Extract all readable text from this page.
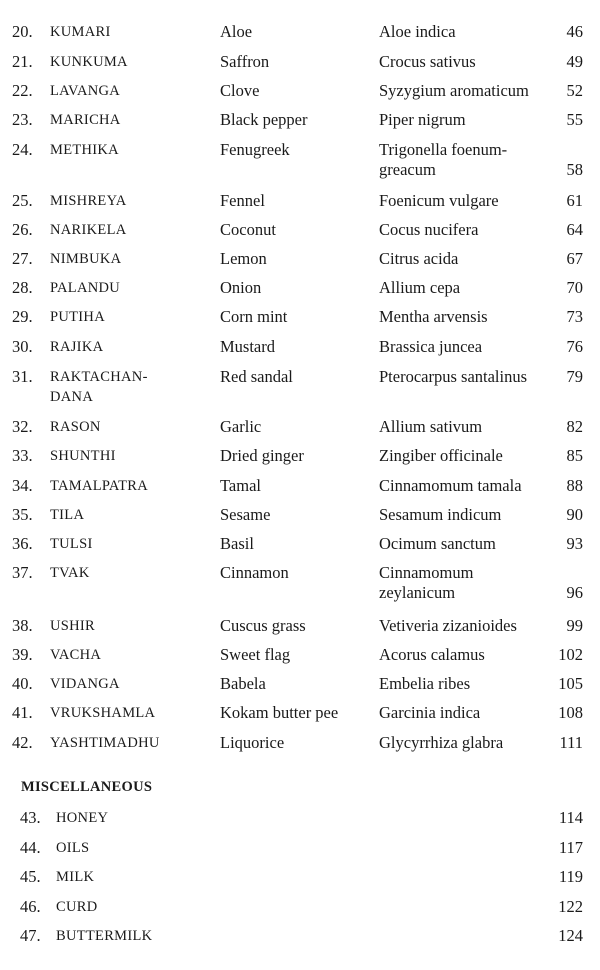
20.	KUMARI	Aloe	Aloe indica	46
21.	KUNKUMA	Saffron	Crocus sativus	49
22.	LAVANGA	Clove	Syzygium aromaticum	52
23.	MARICHA	Black pepper	Piper nigrum	55
24.	METHIKA	Fenugreek	Trigonella foenum-
greacum	58
25.	MISHREYA	Fennel	Foenicum vulgare	61
26.	NARIKELA	Coconut	Cocus nucifera	64
27.	NIMBUKA	Lemon	Citrus acida	67
28.	PALANDU	Onion	Allium cepa	70
29.	PUTIHA	Corn mint	Mentha arvensis	73
30.	RAJIKA	Mustard	Brassica juncea	76
31.	RAKTACHAN-
DANA
Red sandal	Pterocarpus santalinus	79
32.	RASON	Garlic	Allium sativum	82
33.	SHUNTHI	Dried ginger	Zingiber officinale	85
34.	TAMALPATRA	Tamal	Cinnamomum tamala	88
35.	TILA	Sesame	Sesamum indicum	90
36.	TULSI	Basil	Ocimum sanctum	93
37.	TVAK	Cinnamon	Cinnamomum
zeylanicum	96
38.	USHIR	Cuscus grass	Vetiveria zizanioides	99
39.	VACHA	Sweet flag	Acorus calamus	102
40.	VIDANGA	Babela	Embelia ribes	105
41.	VRUKSHAMLA	Kokam butter pee	Garcinia indica	108
42.	YASHTIMADHU	Liquorice	Glycyrrhiza glabra	111
MISCELLANEOUS
43.	HONEY	114
44.	OILS	117
45.	MILK	119
46.	CURD	122
47.	BUTTERMILK	124
